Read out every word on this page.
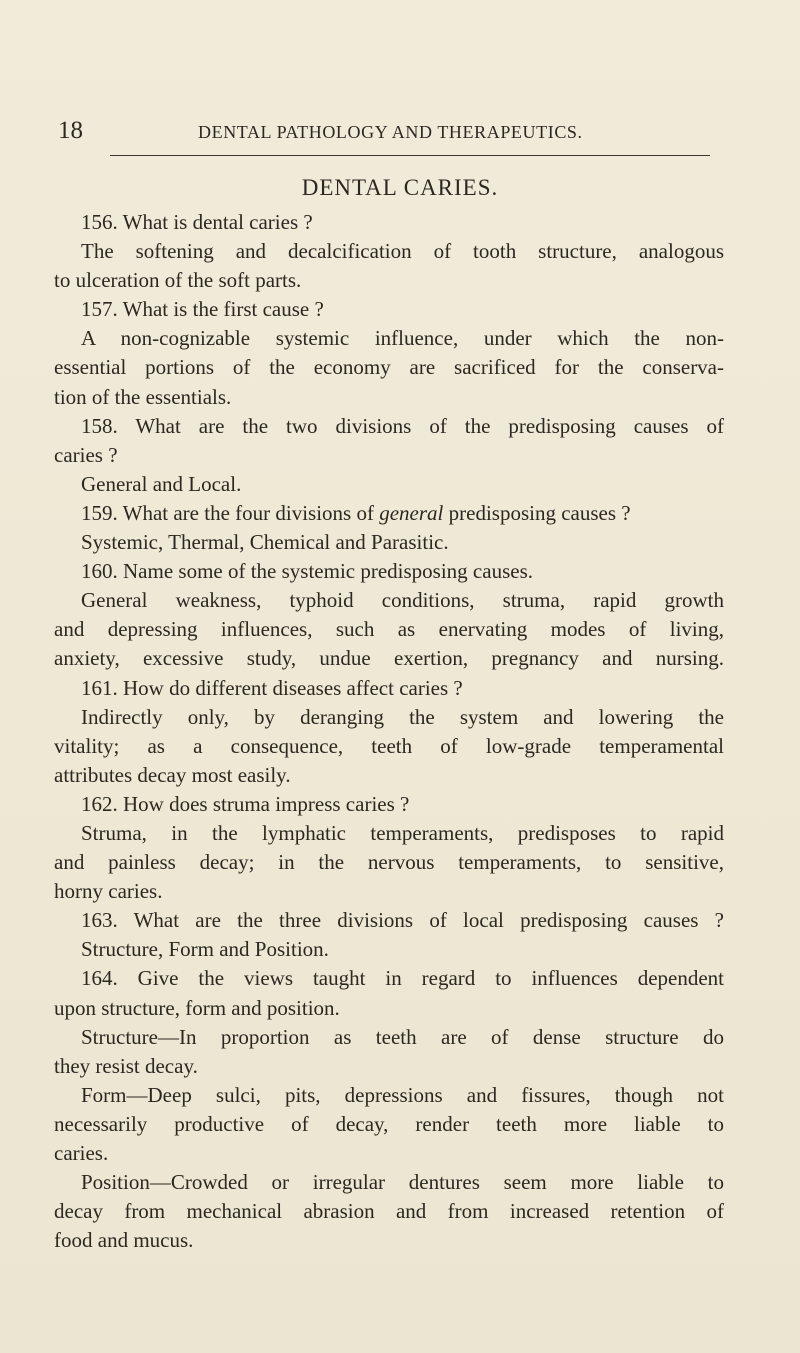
18	DENTAL PATHOLOGY AND THERAPEUTICS.
DENTAL CARIES.
156. What is dental caries ?
The softening and decalcification of tooth structure, analogous
to ulceration of the soft parts.
157. What is the first cause ?
A non-cognizable systemic influence, under which the non-
essential portions of the economy are sacrificed for the conserva-
tion of the essentials.
158. What are the two divisions of the predisposing causes of
caries ?
General and Local.
159. What are the four divisions of general predisposing causes ?
Systemic, Thermal, Chemical and Parasitic.
160. Name some of the systemic predisposing causes.
General weakness, typhoid conditions, struma, rapid growth
and depressing influences, such as enervating modes of living,
anxiety, excessive study, undue exertion, pregnancy and nursing.
161. How do different diseases affect caries ?
Indirectly only, by deranging the system and lowering the
vitality; as a consequence, teeth of low-grade temperamental
attributes decay most easily.
162. How does struma impress caries ?
Struma, in the lymphatic temperaments, predisposes to rapid
and painless decay; in the nervous temperaments, to sensitive,
horny caries.
163. What are the three divisions of local predisposing causes ?
Structure, Form and Position.
164. Give the views taught in regard to influences dependent
upon structure, form and position.
Structure—In proportion as teeth are of dense structure do
they resist decay.
Form—Deep sulci, pits, depressions and fissures, though not
necessarily productive of decay, render teeth more liable to
caries.
Position—Crowded or irregular dentures seem more liable to
decay from mechanical abrasion and from increased retention of
food and mucus.
